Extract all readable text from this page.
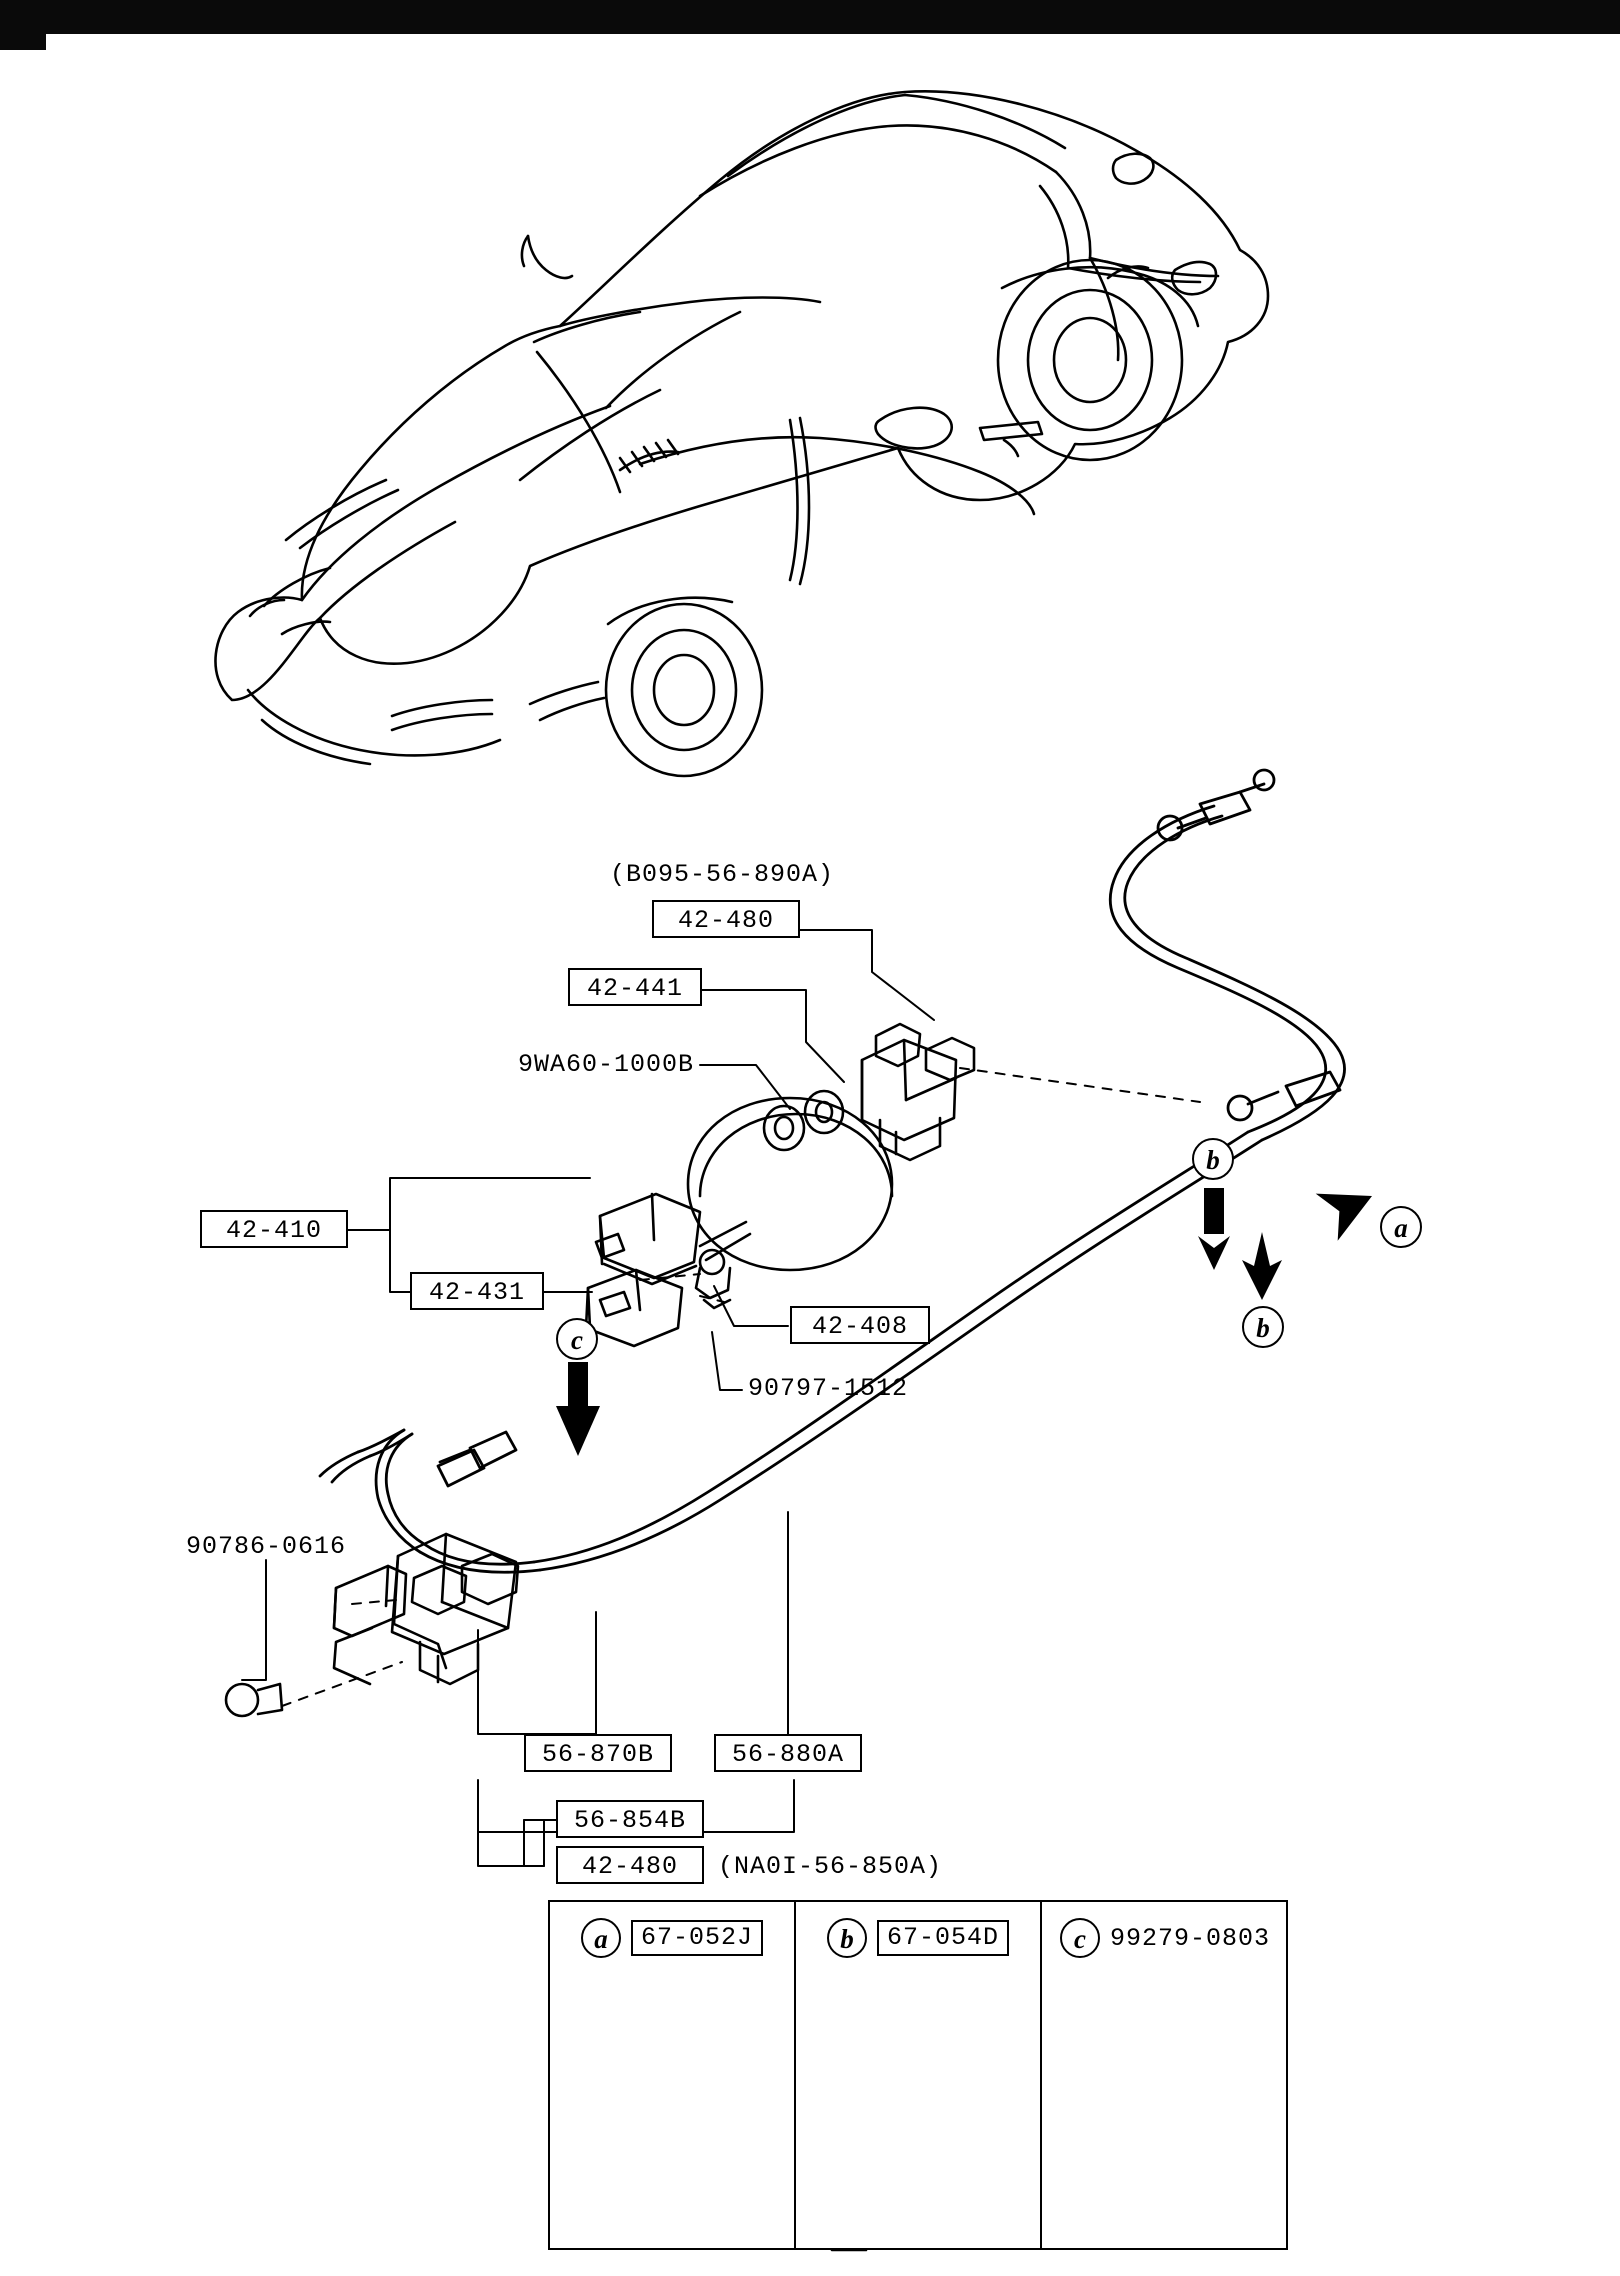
(B095-56-890A)
42-480
42-441
9WA60-1000B
42-410
42-431
42-408
90797-1512
90786-0616
56-870B	56-880A
56-854B
42-480	(NA0I-56-850A)
b
a
b
c
a	67-052J	b	67-054D	c 99279-0803
